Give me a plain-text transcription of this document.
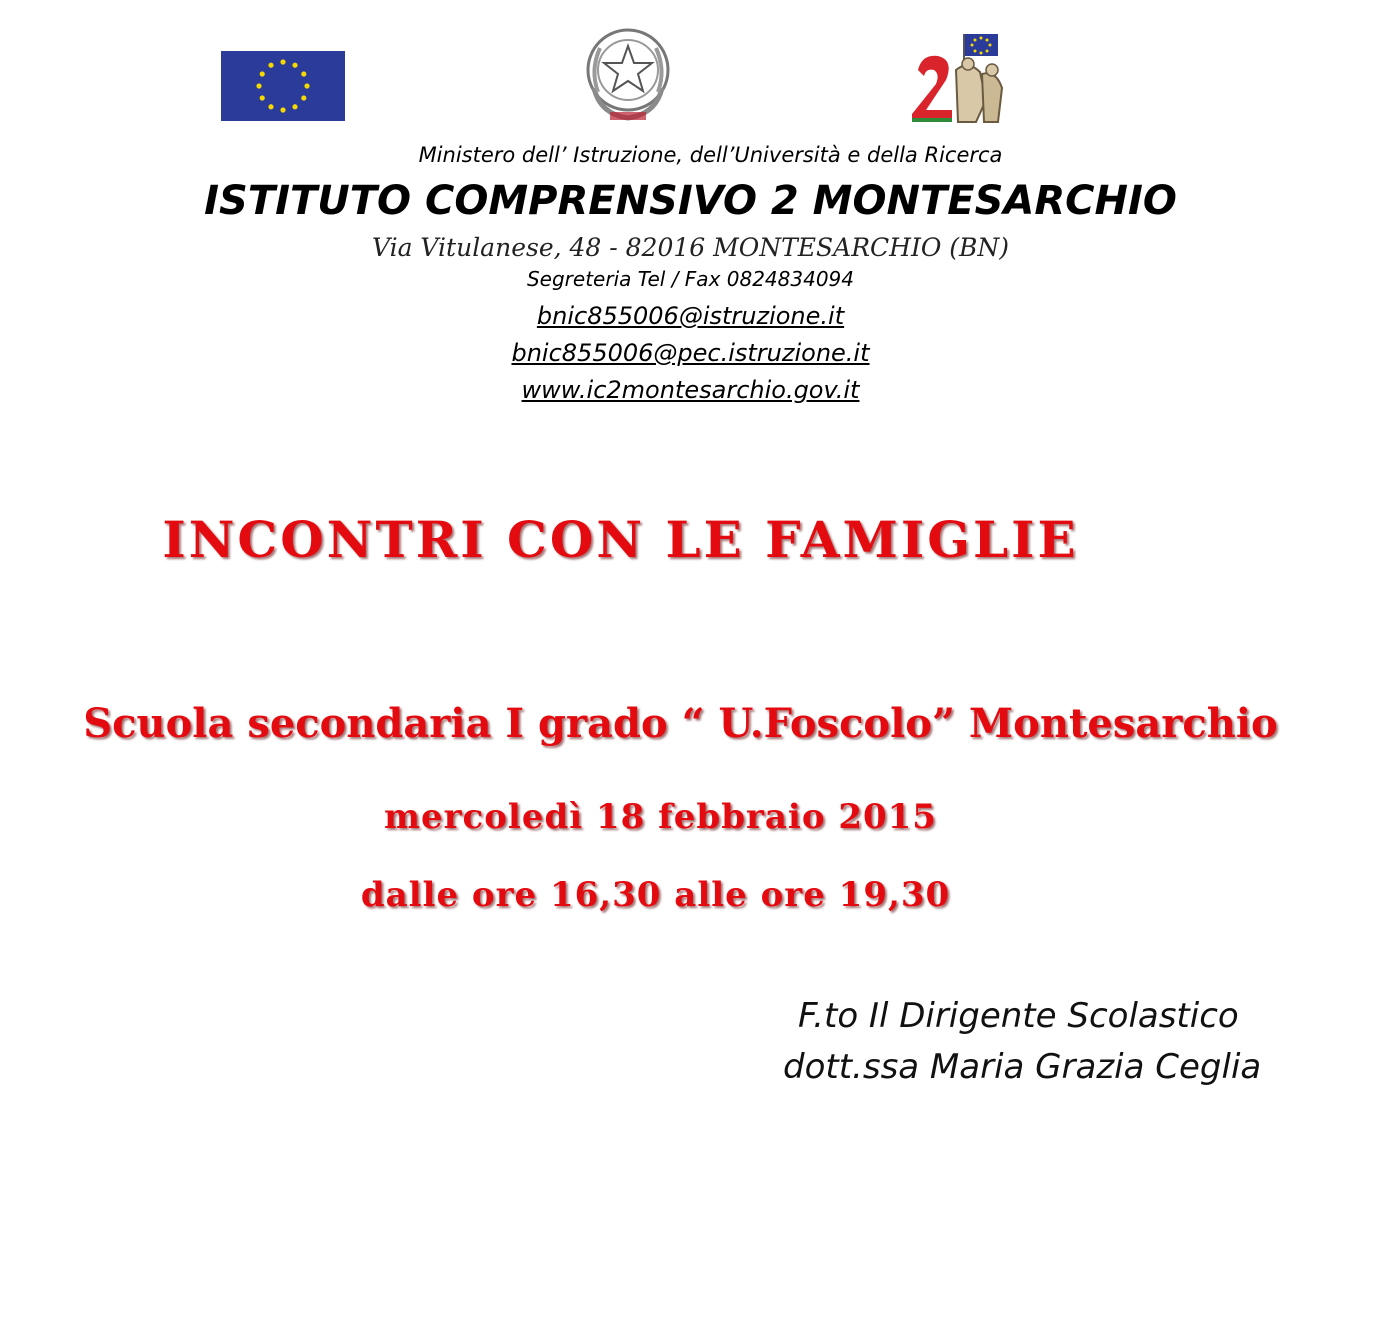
Ministero dell’ Istruzione, dell’Università e della Ricerca
ISTITUTO COMPRENSIVO 2 MONTESARCHIO
Via Vitulanese, 48 - 82016 MONTESARCHIO (BN)
Segreteria Tel / Fax 0824834094
bnic855006@istruzione.it
bnic855006@pec.istruzione.it
www.ic2montesarchio.gov.it
INCONTRI CON LE FAMIGLIE
Scuola secondaria I grado “ U.Foscolo” Montesarchio
mercoledì 18 febbraio 2015
dalle ore 16,30 alle ore 19,30
F.to Il Dirigente Scolastico
dott.ssa Maria Grazia Ceglia
